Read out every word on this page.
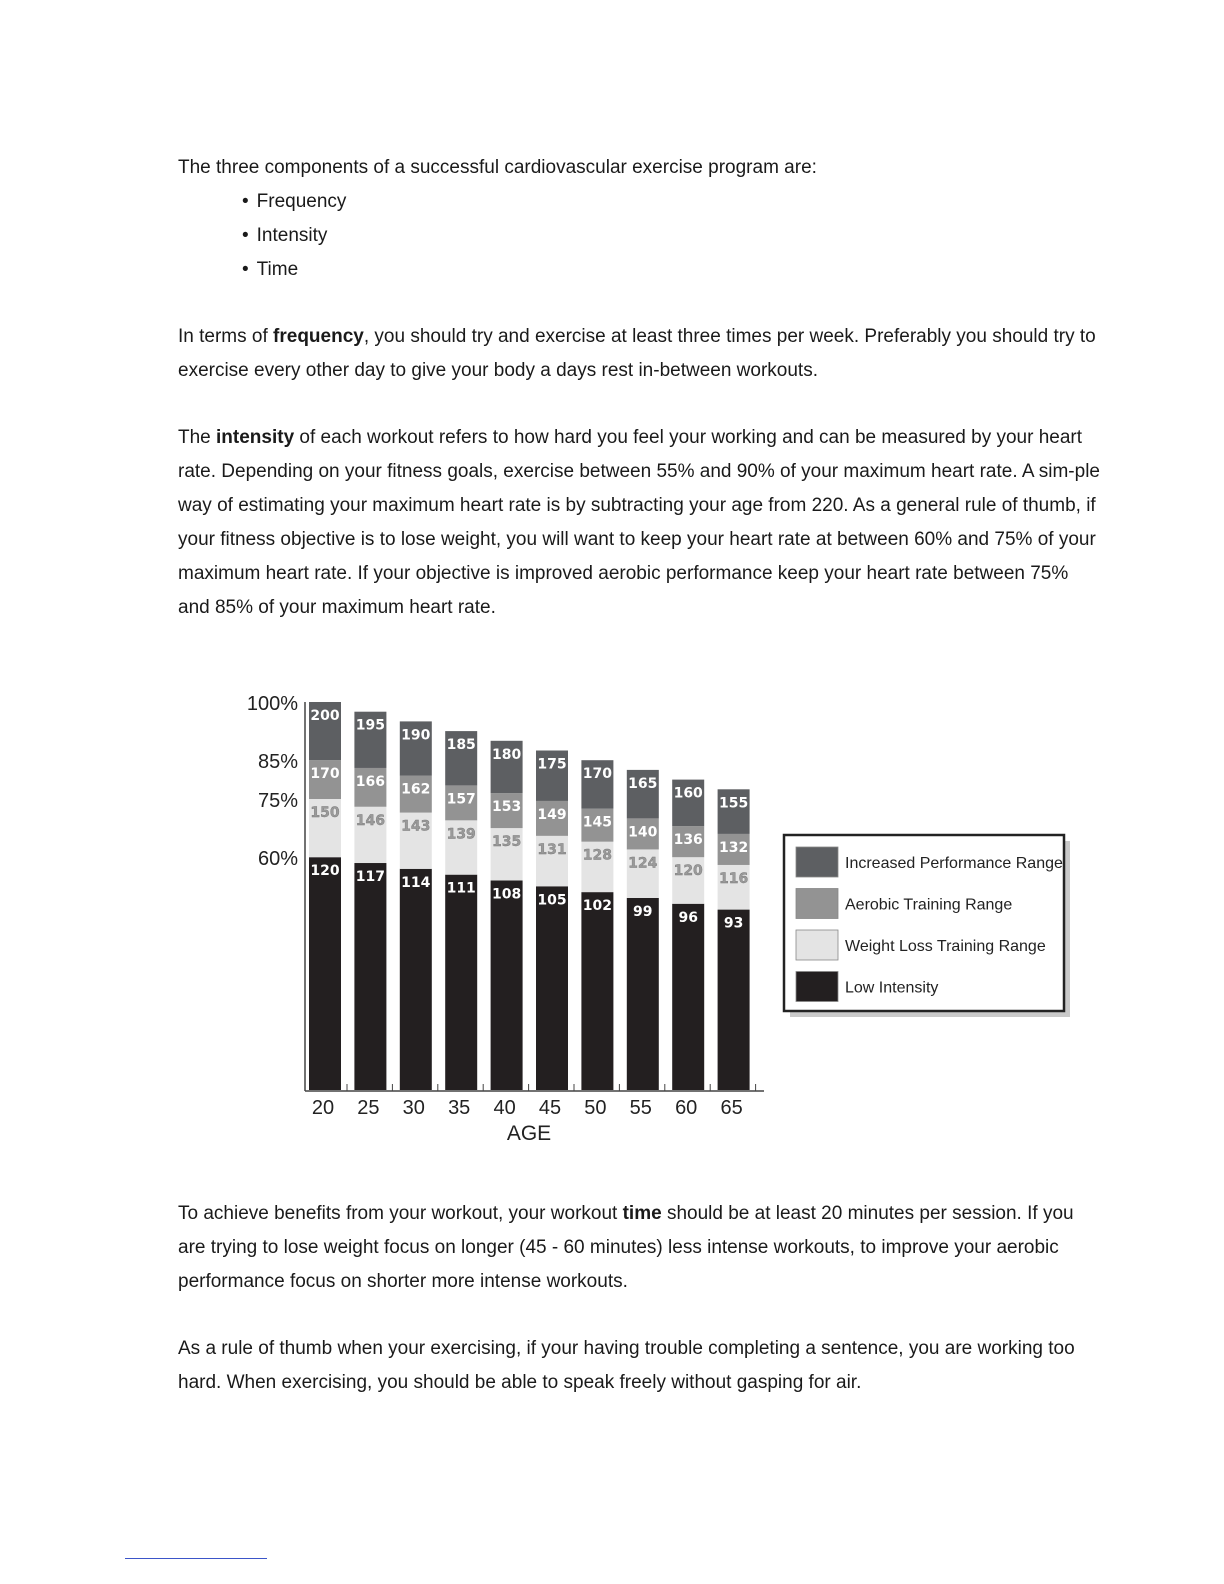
The three components of a successful cardiovascular exercise program are:

• Frequency
• Intensity
• Time

In terms of frequency, you should try and exercise at least three times per week. Preferably you should try to exercise every other day to give your body a days rest in-between workouts.

The intensity of each workout refers to how hard you feel your working and can be measured by your heart rate. Depending on your fitness goals, exercise between 55% and 90% of your maximum heart rate. A sim-ple way of estimating your maximum heart rate is by subtracting your age from 220. As a general rule of thumb, if your fitness objective is to lose weight, you will want to keep your heart rate at between 60% and 75% of your maximum heart rate. If your objective is improved aerobic performance keep your heart rate between 75% and 85% of your maximum heart rate.

120
150
170
200
20
117
146
166
195
25
114
143
162
190
30
111
139
157
185
35
108
135
153
180
40
105
131
149
175
45
102
128
145
170
50
99
124
140
165
55
96
120
136
160
60
93
116
132
155
65
100%
85%
75%
60%
AGE
Increased Performance Range
Aerobic Training Range
Weight Loss Training Range
Low Intensity

To achieve benefits from your workout, your workout time should be at least 20 minutes per session. If you are trying to lose weight focus on longer (45 - 60 minutes) less intense workouts, to improve your aerobic performance focus on shorter more intense workouts.

As a rule of thumb when your exercising, if your having trouble completing a sentence, you are working too hard. When exercising, you should be able to speak freely without gasping for air.
